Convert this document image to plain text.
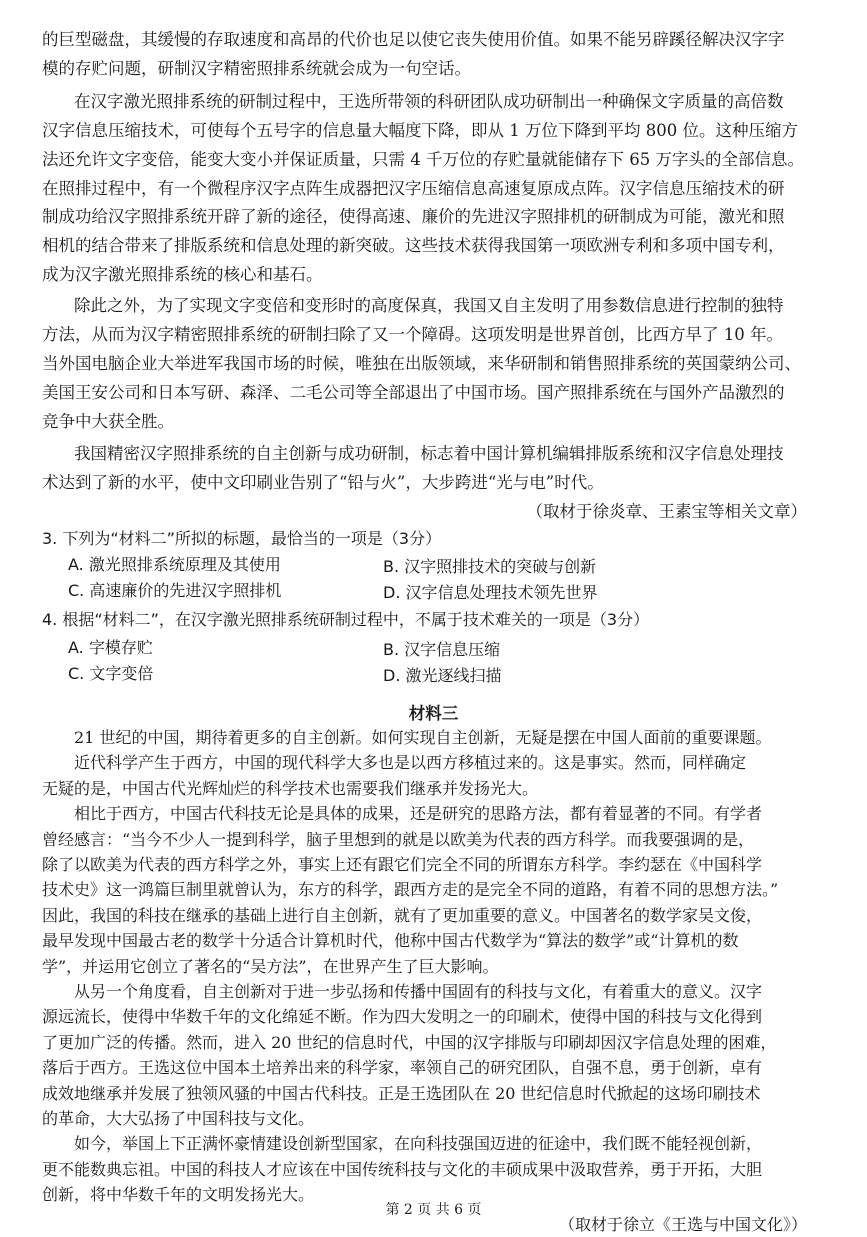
的巨型磁盘，其缓慢的存取速度和高昂的代价也足以使它丧失使用价值。如果不能另辟蹊径解决汉字字
模的存贮问题，研制汉字精密照排系统就会成为一句空话。
在汉字激光照排系统的研制过程中，王选所带领的科研团队成功研制出一种确保文字质量的高倍数
汉字信息压缩技术，可使每个五号字的信息量大幅度下降，即从 1 万位下降到平均 800 位。这种压缩方
法还允许文字变倍，能变大变小并保证质量，只需 4 千万位的存贮量就能储存下 65 万字头的全部信息。
在照排过程中，有一个微程序汉字点阵生成器把汉字压缩信息高速复原成点阵。汉字信息压缩技术的研
制成功给汉字照排系统开辟了新的途径，使得高速、廉价的先进汉字照排机的研制成为可能，激光和照
相机的结合带来了排版系统和信息处理的新突破。这些技术获得我国第一项欧洲专利和多项中国专利，
成为汉字激光照排系统的核心和基石。
除此之外，为了实现文字变倍和变形时的高度保真，我国又自主发明了用参数信息进行控制的独特
方法，从而为汉字精密照排系统的研制扫除了又一个障碍。这项发明是世界首创，比西方早了 10 年。
当外国电脑企业大举进军我国市场的时候，唯独在出版领域，来华研制和销售照排系统的英国蒙纳公司、
美国王安公司和日本写研、森泽、二毛公司等全部退出了中国市场。国产照排系统在与国外产品激烈的
竞争中大获全胜。
我国精密汉字照排系统的自主创新与成功研制，标志着中国计算机编辑排版系统和汉字信息处理技
术达到了新的水平，使中文印刷业告别了“铅与火”，大步跨进“光与电”时代。
（取材于徐炎章、王素宝等相关文章）
3. 下列为“材料二”所拟的标题，最恰当的一项是（3分）
A. 激光照排系统原理及其使用	B. 汉字照排技术的突破与创新
C. 高速廉价的先进汉字照排机	D. 汉字信息处理技术领先世界
4. 根据“材料二”，在汉字激光照排系统研制过程中，不属于技术难关的一项是（3分）
A. 字模存贮	B. 汉字信息压缩
C. 文字变倍	D. 激光逐线扫描
材料三
21 世纪的中国，期待着更多的自主创新。如何实现自主创新，无疑是摆在中国人面前的重要课题。
近代科学产生于西方，中国的现代科学大多也是以西方移植过来的。这是事实。然而，同样确定
无疑的是，中国古代光辉灿烂的科学技术也需要我们继承并发扬光大。
相比于西方，中国古代科技无论是具体的成果，还是研究的思路方法，都有着显著的不同。有学者
曾经感言：“当今不少人一提到科学，脑子里想到的就是以欧美为代表的西方科学。而我要强调的是，
除了以欧美为代表的西方科学之外，事实上还有跟它们完全不同的所谓东方科学。李约瑟在《中国科学
技术史》这一鸿篇巨制里就曾认为，东方的科学，跟西方走的是完全不同的道路，有着不同的思想方法。”
因此，我国的科技在继承的基础上进行自主创新，就有了更加重要的意义。中国著名的数学家吴文俊，
最早发现中国最古老的数学十分适合计算机时代，他称中国古代数学为“算法的数学”或“计算机的数
学”，并运用它创立了著名的“吴方法”，在世界产生了巨大影响。
从另一个角度看，自主创新对于进一步弘扬和传播中国固有的科技与文化，有着重大的意义。汉字
源远流长，使得中华数千年的文化绵延不断。作为四大发明之一的印刷术，使得中国的科技与文化得到
了更加广泛的传播。然而，进入 20 世纪的信息时代，中国的汉字排版与印刷却因汉字信息处理的困难，
落后于西方。王选这位中国本土培养出来的科学家，率领自己的研究团队，自强不息，勇于创新，卓有
成效地继承并发展了独领风骚的中国古代科技。正是王选团队在 20 世纪信息时代掀起的这场印刷技术
的革命，大大弘扬了中国科技与文化。
如今，举国上下正满怀豪情建设创新型国家，在向科技强国迈进的征途中，我们既不能轻视创新，
更不能数典忘祖。中国的科技人才应该在中国传统科技与文化的丰硕成果中汲取营养，勇于开拓，大胆
创新，将中华数千年的文明发扬光大。
（取材于徐立《王选与中国文化》）
第 2 页 共 6 页
